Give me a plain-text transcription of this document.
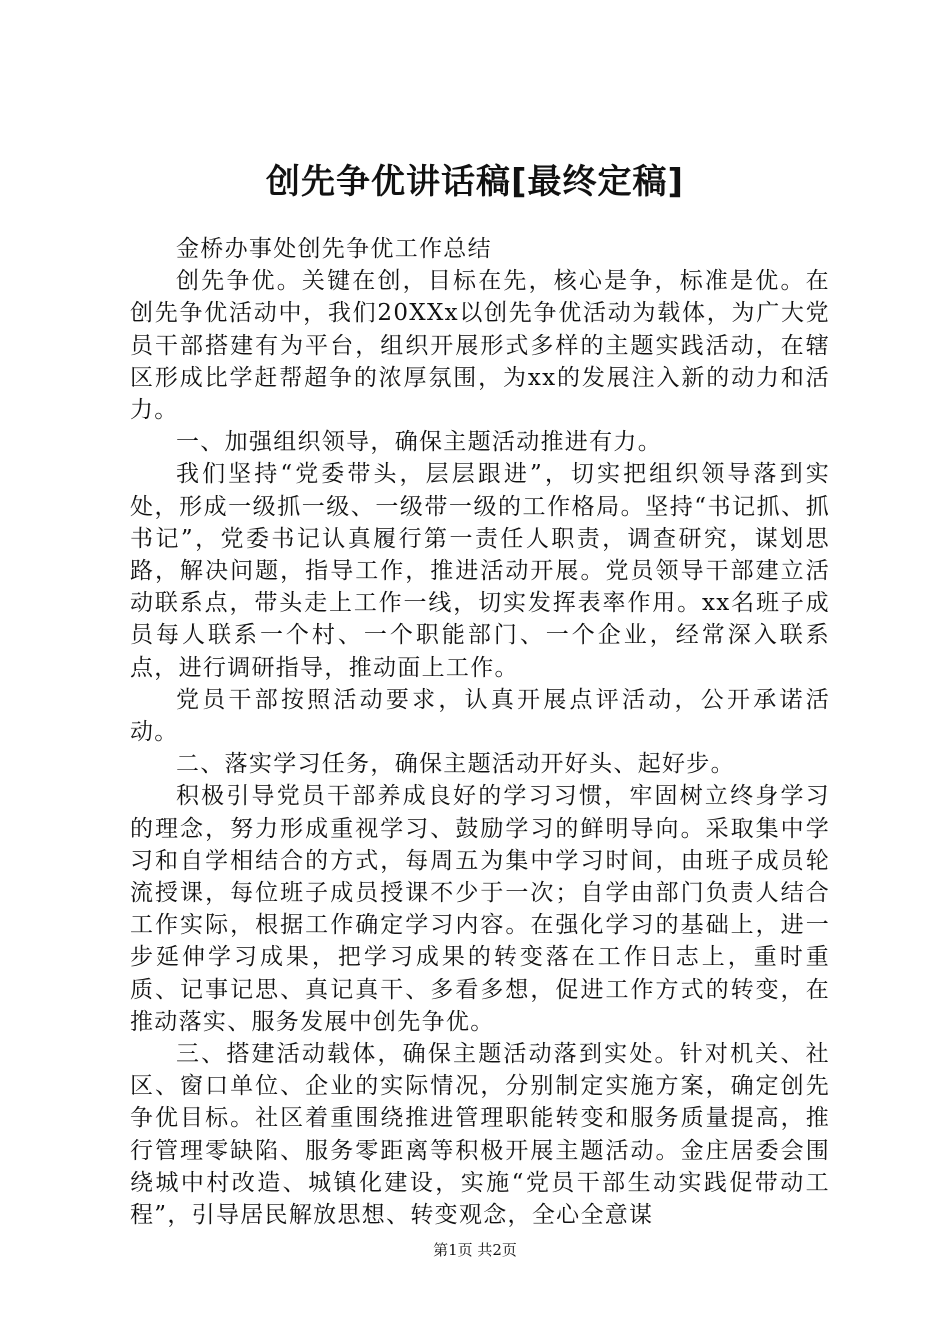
创先争优讲话稿[最终定稿]

金桥办事处创先争优工作总结

创先争优。关键在创，目标在先，核心是争，标准是优。在创先争优活动中，我们20XXx以创先争优活动为载体，为广大党员干部搭建有为平台，组织开展形式多样的主题实践活动，在辖区形成比学赶帮超争的浓厚氛围，为xx的发展注入新的动力和活力。

一、加强组织领导，确保主题活动推进有力。

我们坚持“党委带头，层层跟进”，切实把组织领导落到实处，形成一级抓一级、一级带一级的工作格局。坚持“书记抓、抓书记”，党委书记认真履行第一责任人职责，调查研究，谋划思路，解决问题，指导工作，推进活动开展。党员领导干部建立活动联系点，带头走上工作一线，切实发挥表率作用。xx名班子成员每人联系一个村、一个职能部门、一个企业，经常深入联系点，进行调研指导，推动面上工作。

党员干部按照活动要求，认真开展点评活动，公开承诺活动。

二、落实学习任务，确保主题活动开好头、起好步。

积极引导党员干部养成良好的学习习惯，牢固树立终身学习的理念，努力形成重视学习、鼓励学习的鲜明导向。采取集中学习和自学相结合的方式，每周五为集中学习时间，由班子成员轮流授课，每位班子成员授课不少于一次；自学由部门负责人结合工作实际，根据工作确定学习内容。在强化学习的基础上，进一步延伸学习成果，把学习成果的转变落在工作日志上，重时重质、记事记思、真记真干、多看多想，促进工作方式的转变，在推动落实、服务发展中创先争优。

三、搭建活动载体，确保主题活动落到实处。针对机关、社区、窗口单位、企业的实际情况，分别制定实施方案，确定创先争优目标。社区着重围绕推进管理职能转变和服务质量提高，推行管理零缺陷、服务零距离等积极开展主题活动。金庄居委会围绕城中村改造、城镇化建设，实施“党员干部生动实践促带动工程”，引导居民解放思想、转变观念，全心全意谋

第1页 共2页
